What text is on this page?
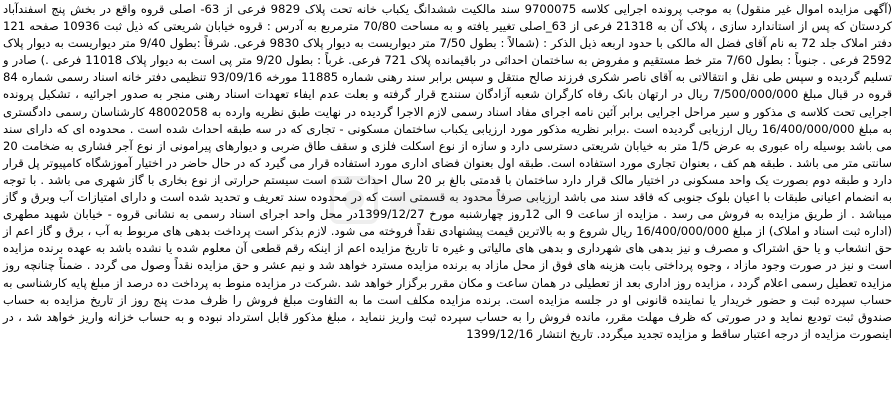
(آگهی مزایده اموال غیر منقول) به موجب پرونده اجرایی کلاسه 9700075 سند مالکیت ششدانگ یکباب خانه تحت پلاک 9829 فرعی از 63- اصلی قروه واقع در بخش پنج اسفندآباد کردستان که پس از استاندارد سازی ، پلاک آن به 21318 فرعی از 63_اصلی تغییر یافته و به مساحت 70/80 مترمربع به آدرس : قروه خیابان شریعتی که ذیل ثبت 10936 صفحه 121 دفتر املاک جلد 72 به نام آقای فضل اله مالکی با حدود اربعه ذیل الذکر : (شمالاً : بطول 7/50 متر دیواریست به دیوار پلاک 9830 فرعی. شرقاً :بطول 9/40 متر دیواریست به دیوار پلاک 2592 فرعی . جنوباً : بطول 7/60 متر خط مستقیم و مفروض به ساختمان احداثی در باقیمانده پلاک 721 فرعی. غرباً : بطول 9/20 متر پی است به دیوار پلاک 11018 فرعی .) صادر و تسلیم گردیده و سپس طی نقل و انتقالاتی به آقای ناصر شکری فرزند صالح منتقل و سپس برابر سند رهنی شماره 11885 مورخه 93/09/16 تنظیمی دفتر خانه اسناد رسمی شماره 84 قروه در قبال مبلغ 7/500/000/000 ریال در ارتهان بانک رفاه کارگران شعبه آزادگان سنندج قرار گرفته و بعلت عدم ایفاء تعهدات اسناد رهنی منجر به صدور اجرائیه ، تشکیل پرونده اجرایی تحت کلاسه ی مذکور و سیر مراحل اجرایی برابر آئین نامه اجرای مفاد اسناد رسمی لازم الاجرا گردیده در نهایت طبق نظریه وارده به 48002058 کارشناسان رسمی دادگستری به مبلغ 16/400/000/000 ریال ارزیابی گردیده است .برابر نظریه مذکور مورد ارزیابی یکباب ساختمان مسکونی - تجاری که در سه طبقه احداث شده است . محدوده ای که دارای سند می باشد بوسیله راه عبوری به عرض 1/5 متر به خیابان شریعتی دسترسی دارد و سازه از نوع اسکلت فلزی و سقف طاق ضربی و دیوارهای پیرامونی از نوع آجر فشاری به ضخامت 20 سانتی متر می باشد . طبقه هم کف ، بعنوان تجاری مورد استفاده است. طبقه اول بعنوان فضای اداری مورد استفاده قرار می گیرد که در حال حاضر در اختیار آموزشگاه کامپیوتر پل قرار دارد و طبقه دوم بصورت یک واحد مسکونی در اختیار مالک قرار دارد ساختمان با قدمتی بالغ بر 20 سال احداث شده است سیستم حرارتی از نوع بخاری با گاز شهری می باشد . با توجه به انضمام اعیانی طبقات با اعیان بلوک جنوبی که فاقد سند می باشد ارزیابی صرفاً محدود به قسمتی است که در محدوده سند تعریف و تحدید شده است و دارای امتیازات آب وبرق و گاز میباشد . از طریق مزایده به فروش می رسد . مزایده از ساعت 9 الی 12روز چهارشنبه مورخ 1399/12/27در محل واحد اجرای اسناد رسمی به نشانی قروه - خیابان شهید مطهری (اداره ثبت اسناد و املاک) از مبلغ 16/400/000/000 ریال شروع و به بالاترین قیمت پیشنهادی نقداً فروخته می شود. لازم بذکر است پرداخت بدهی های مربوط به آب ، برق و گاز اعم از حق انشعاب و یا حق اشتراک و مصرف و نیز بدهی های شهرداری و بدهی های مالیاتی و غیره تا تاریخ مزایده اعم از اینکه رقم قطعی آن معلوم شده یا نشده باشد به عهده برنده مزایده است و نیز در صورت وجود مازاد ، وجوه پرداختی بابت هزینه های فوق از محل مازاد به برنده مزایده مسترد خواهد شد و نیم عشر و حق مزایده نقداً وصول می گردد . ضمناً چنانچه روز مزایده تعطیل رسمی اعلام گردد ، مزایده روز اداری بعد از تعطیلی در همان ساعت و مکان مقرر برگزار خواهد شد .شرکت در مزایده منوط به پرداخت ده درصد از مبلغ پایه کارشناسی به حساب سپرده ثبت و حضور خریدار یا نماینده قانونی او در جلسه مزایده است. برنده مزایده مکلف است ما به التفاوت مبلغ فروش را ظرف مدت پنج روز از تاریخ مزایده به حساب صندوق ثبت تودیع نماید و در صورتی که ظرف مهلت مقرر، مانده فروش را به حساب سپرده ثبت واریز ننماید ، مبلغ مذکور قابل استرداد نبوده و به حساب خزانه واریز خواهد شد ، در اینصورت مزایده از درجه اعتبار ساقط و مزایده تجدید میگردد. تاریخ انتشار 1399/12/16
